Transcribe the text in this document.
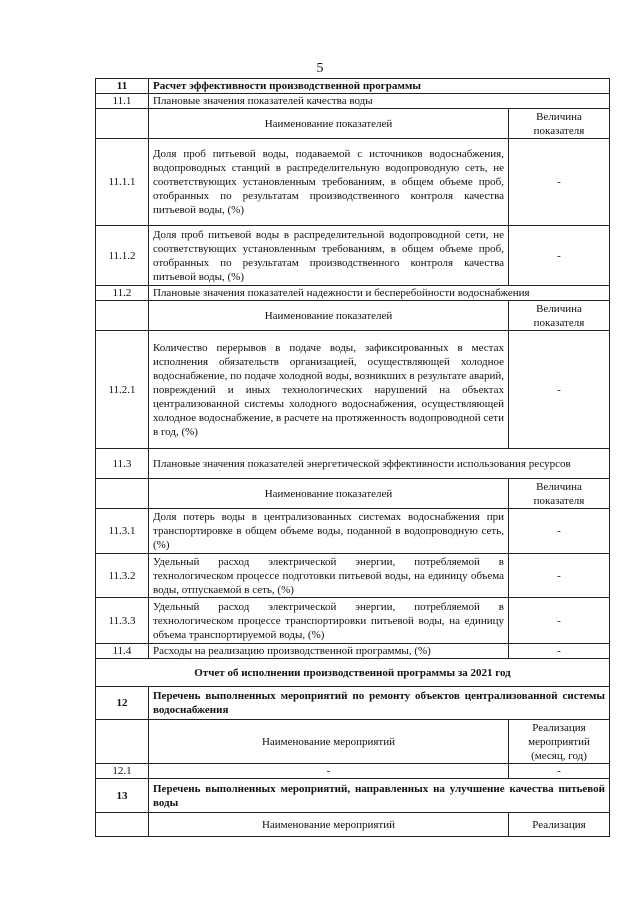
5
11	Расчет эффективности производственной программы	
11.1	Плановые значения показателей качества воды	
	Наименование показателей	Величина показателя
11.1.1	Доля проб питьевой воды, подаваемой с источников водоснабжения, водопроводных станций в распределительную водопроводную сеть, не соответствующих установленным требованиям, в общем объеме проб, отобранных по результатам производственного контроля качества питьевой воды, (%)	-
11.1.2	Доля проб питьевой воды в распределительной водопроводной сети, не соответствующих установленным требованиям, в общем объеме проб, отобранных по результатам производственного контроля качества питьевой воды, (%)	-
11.2	Плановые значения показателей надежности и бесперебойности водоснабжения	
	Наименование показателей	Величина показателя
11.2.1	Количество перерывов в подаче воды, зафиксированных в местах исполнения обязательств организацией, осуществляющей холодное водоснабжение, по подаче холодной воды, возникших в результате аварий, повреждений и иных технологических нарушений на объектах централизованной системы холодного водоснабжения, осуществляющей холодное водоснабжение, в расчете на протяженность водопроводной сети в год, (%)	-
11.3	Плановые значения показателей энергетической эффективности использования ресурсов	

	Наименование показателей	Величина показателя
11.3.1	Доля потерь воды в централизованных системах водоснабжения при транспортировке в общем объеме воды, поданной в водопроводную сеть, (%)	-
11.3.2	Удельный расход электрической энергии, потребляемой в технологическом процессе подготовки питьевой воды, на единицу объема воды, отпускаемой в сеть, (%)	-
11.3.3	Удельный расход электрической энергии, потребляемой в технологическом процессе транспортировки питьевой воды, на единицу объема транспортируемой воды, (%)	-
11.4	Расходы на реализацию производственной программы, (%)	-
Отчет об исполнении производственной программы за 2021 год		
12	Перечень выполненных мероприятий по ремонту объектов централизованной системы водоснабжения	

	Наименование мероприятий	Реализация мероприятий (месяц, год)
12.1	-	-
13	Перечень выполненных мероприятий, направленных на улучшение качества питьевой воды	

	Наименование мероприятий	Реализация
